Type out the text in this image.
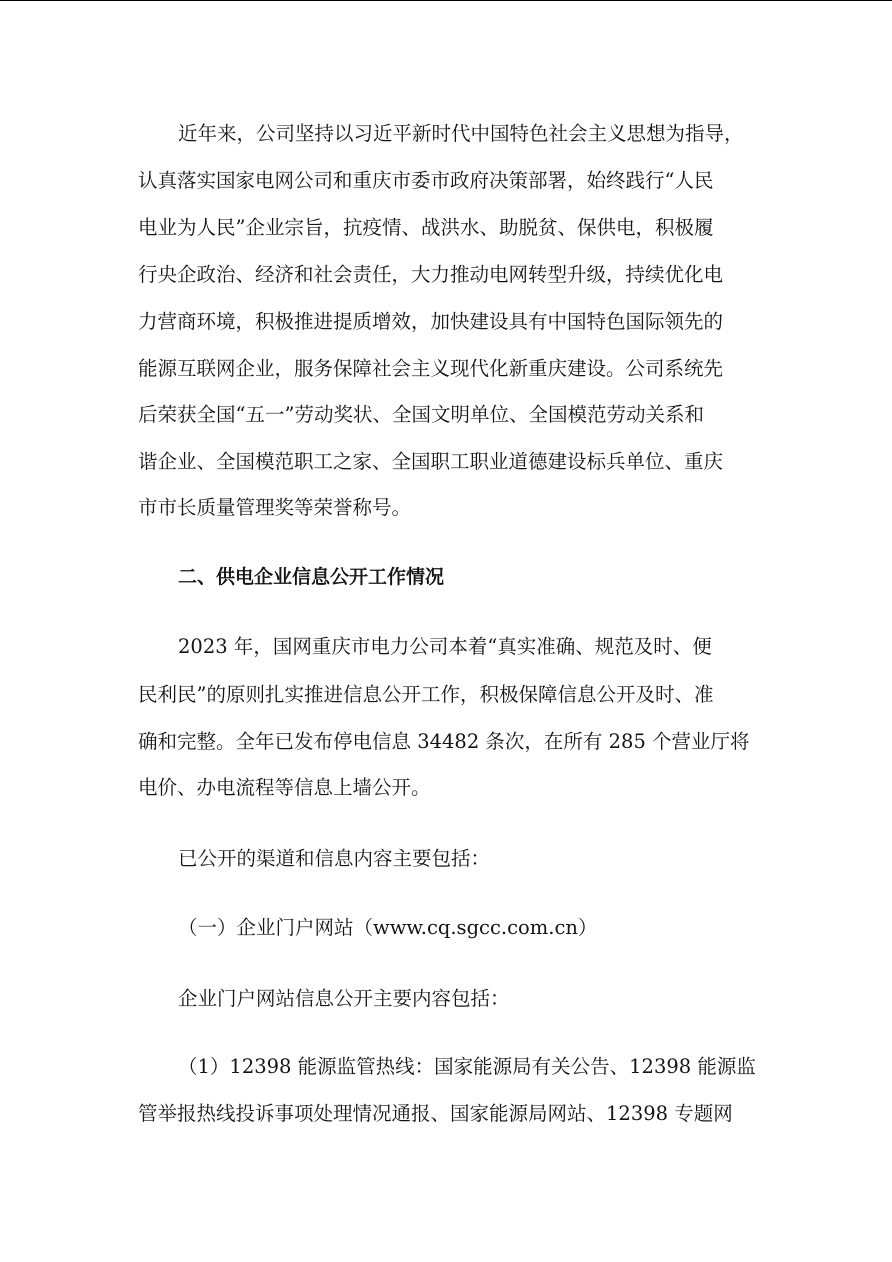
近年来，公司坚持以习近平新时代中国特色社会主义思想为指导，
认真落实国家电网公司和重庆市委市政府决策部署，始终践行“人民
电业为人民”企业宗旨，抗疫情、战洪水、助脱贫、保供电，积极履
行央企政治、经济和社会责任，大力推动电网转型升级，持续优化电
力营商环境，积极推进提质增效，加快建设具有中国特色国际领先的
能源互联网企业，服务保障社会主义现代化新重庆建设。公司系统先
后荣获全国“五一”劳动奖状、全国文明单位、全国模范劳动关系和
谐企业、全国模范职工之家、全国职工职业道德建设标兵单位、重庆
市市长质量管理奖等荣誉称号。
二、供电企业信息公开工作情况
2023 年，国网重庆市电力公司本着“真实准确、规范及时、便
民利民”的原则扎实推进信息公开工作，积极保障信息公开及时、准
确和完整。全年已发布停电信息 34482 条次，在所有 285 个营业厅将
电价、办电流程等信息上墙公开。
已公开的渠道和信息内容主要包括：
（一）企业门户网站（www.cq.sgcc.com.cn）
企业门户网站信息公开主要内容包括：
（1）12398 能源监管热线：国家能源局有关公告、12398 能源监
管举报热线投诉事项处理情况通报、国家能源局网站、12398 专题网
